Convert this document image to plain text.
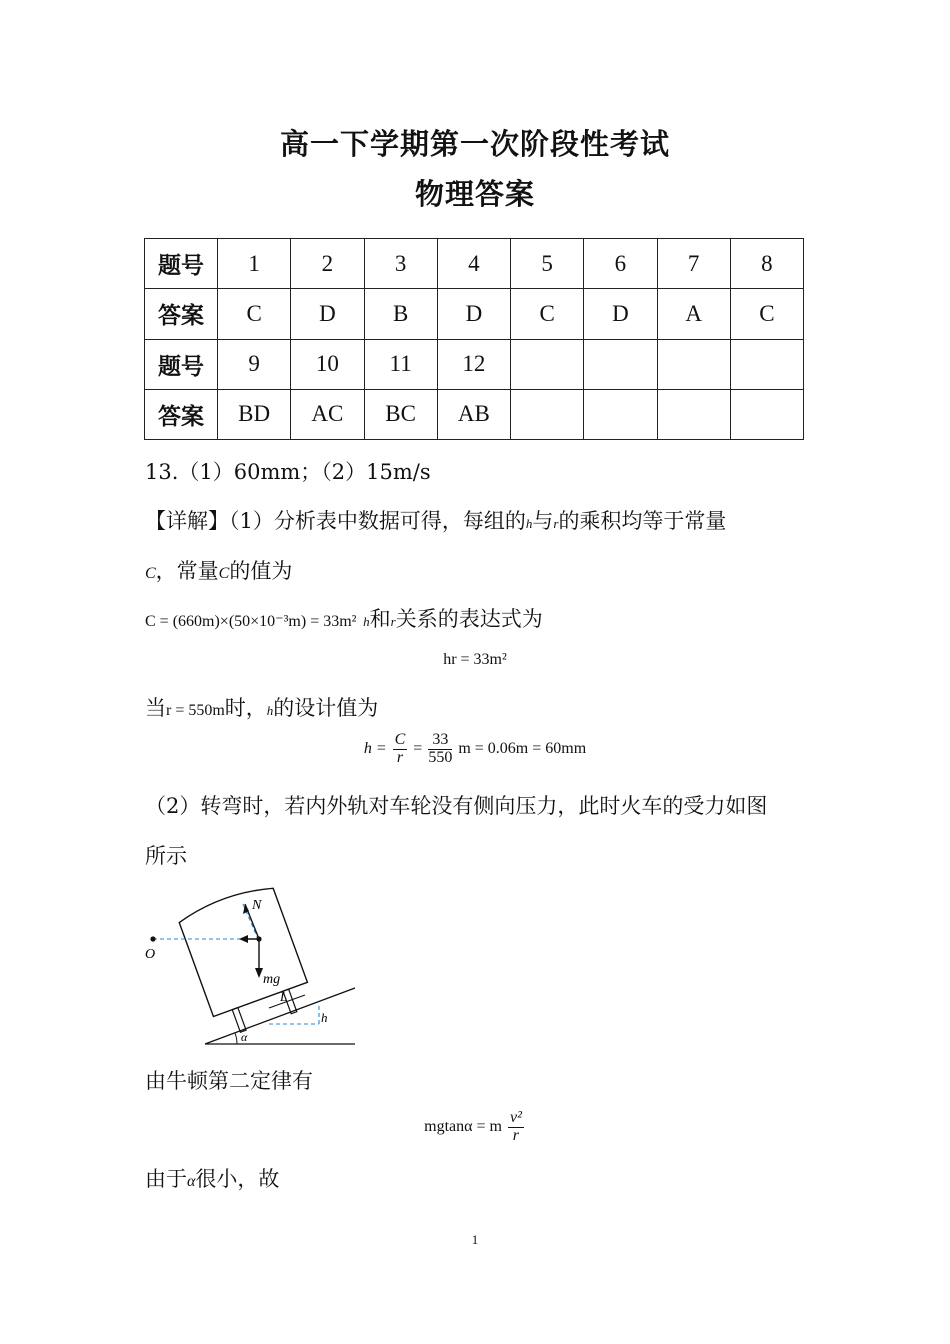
高一下学期第一次阶段性考试
物理答案
题号	1	2	3	4	5	6	7	8
答案	C	D	B	D	C	D	A	C
题号	9	10	11	12				
答案	BD	AC	BC	AB				
13.（1）60mm；（2）15m/s
【详解】（1）分析表中数据可得，每组的h与r的乘积均等于常量
C，常量C的值为
C = (660m)×(50×10⁻³m) = 33m² h和r关系的表达式为
hr = 33m²
当r = 550m时，h的设计值为
$h = \frac{C}{r} = \frac{33}{550}$ m = 0.06m = 60mm
（2）转弯时，若内外轨对车轮没有侧向压力，此时火车的受力如图
所示
N
O
mg
L
h
α
由牛顿第二定律有
mgtanα = m $\frac{\text{v²}}{r}$
由于α很小，故
1
